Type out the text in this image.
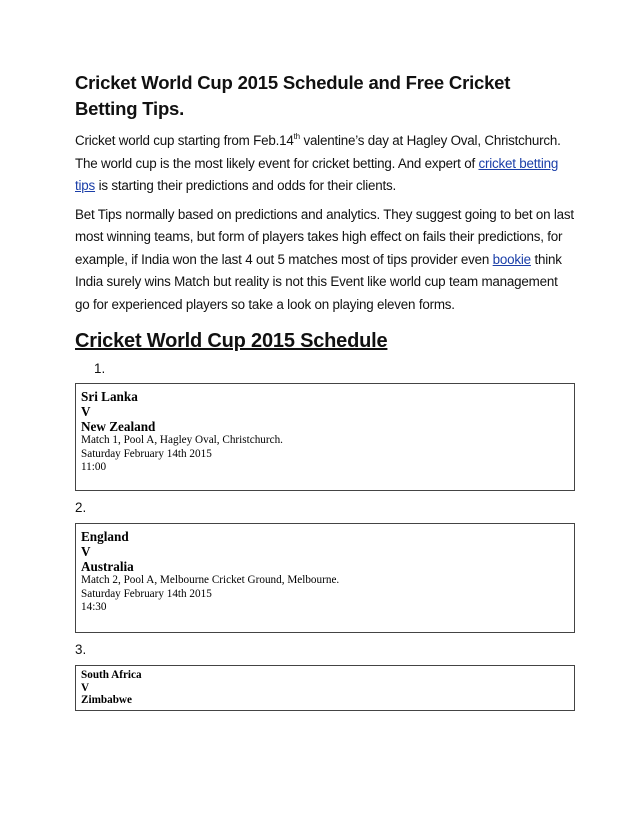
Cricket World Cup 2015 Schedule and Free Cricket Betting Tips.

Cricket world cup starting from Feb.14th valentine’s day at Hagley Oval, Christchurch. The world cup is the most likely event for cricket betting. And expert of cricket betting tips is starting their predictions and odds for their clients.

Bet Tips normally based on predictions and analytics. They suggest going to bet on last most winning teams, but form of players takes high effect on fails their predictions, for example, if India won the last 4 out 5 matches most of tips provider even bookie think India surely wins Match but reality is not this Event like world cup team management go for experienced players so take a look on playing eleven forms.

Cricket World Cup 2015 Schedule
1.
Sri Lanka
V
New Zealand
Match 1, Pool A, Hagley Oval, Christchurch.
Saturday February 14th 2015
11:00
2.
England
V
Australia
Match 2, Pool A, Melbourne Cricket Ground, Melbourne.
Saturday February 14th 2015
14:30
3.
South Africa
V
Zimbabwe
